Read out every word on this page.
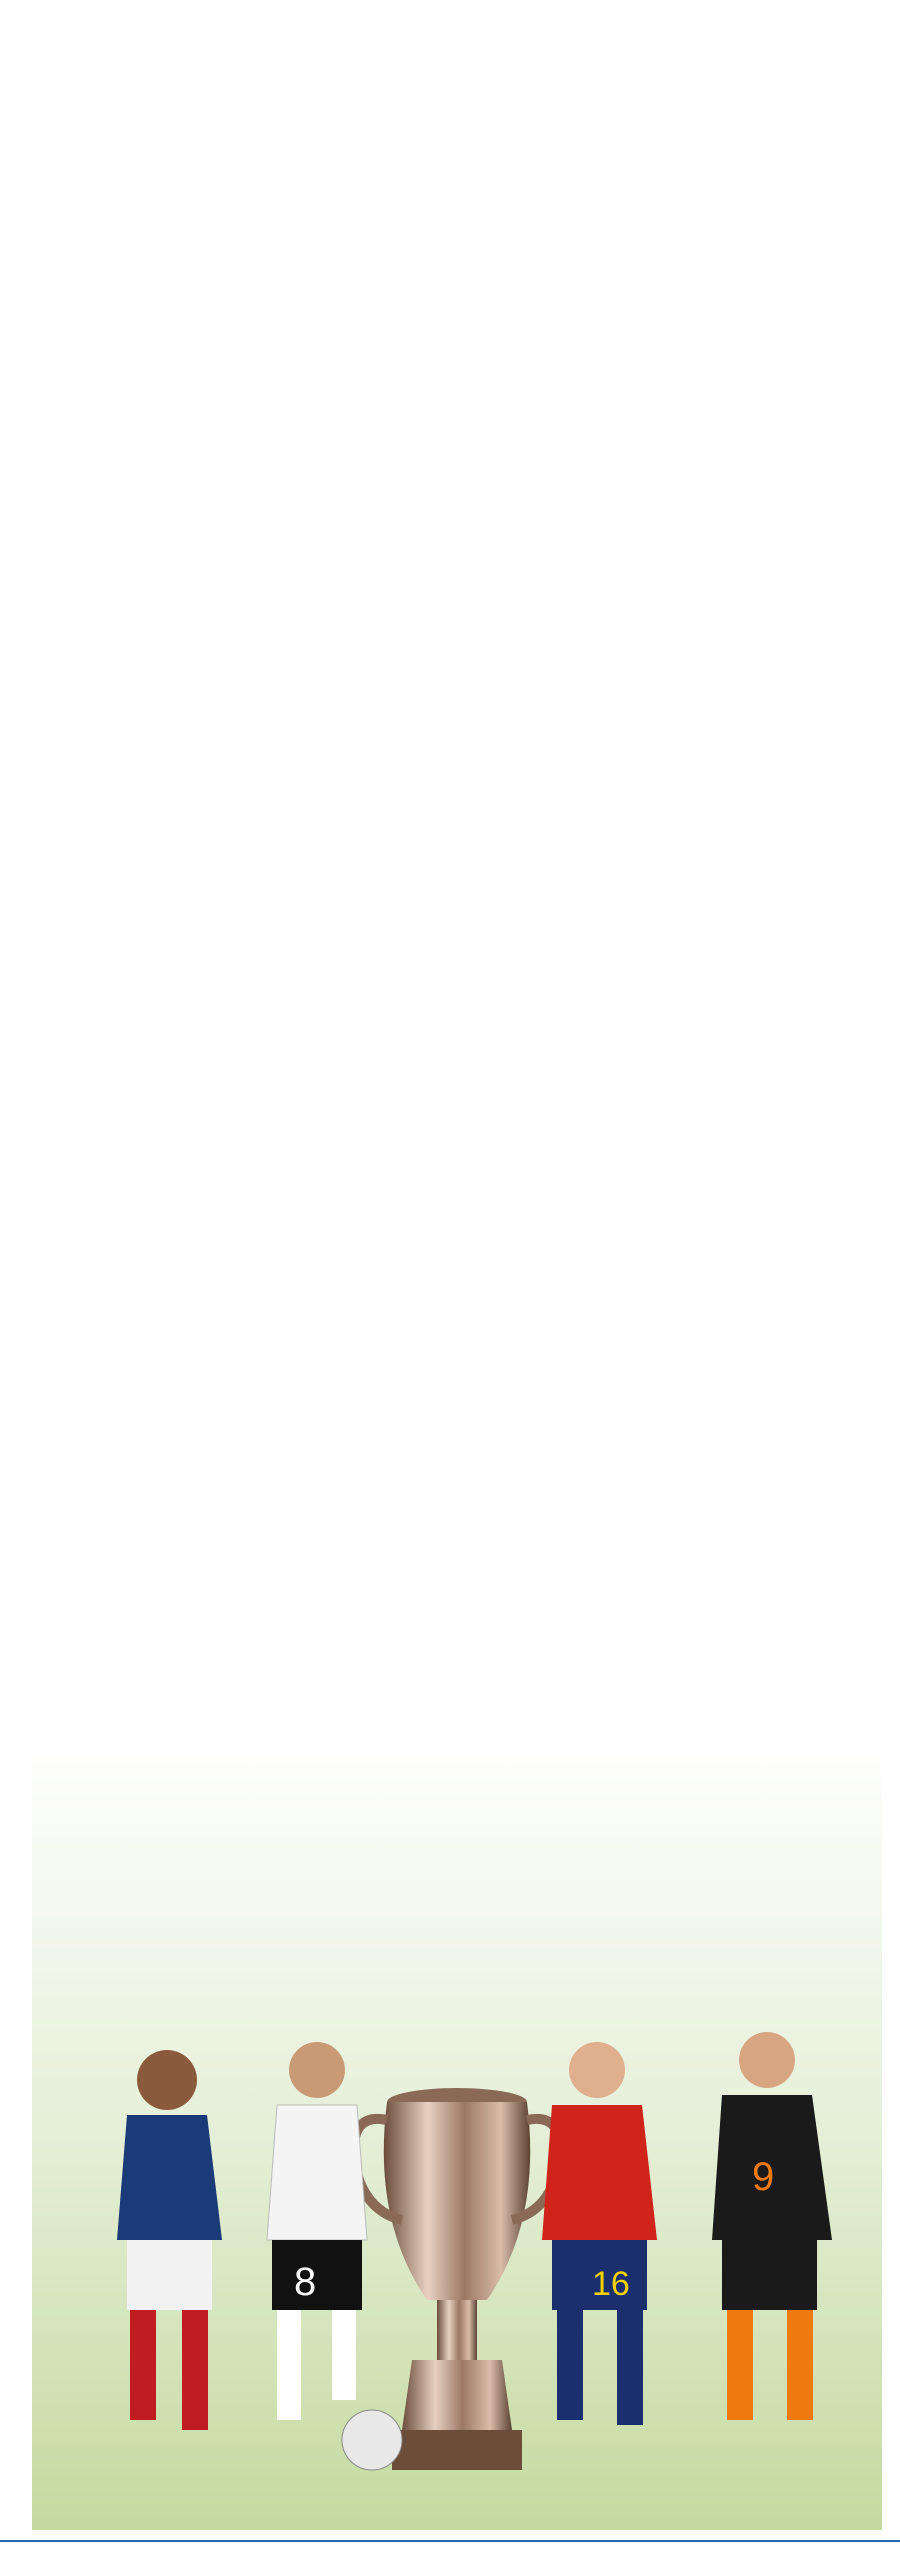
8	16
9
